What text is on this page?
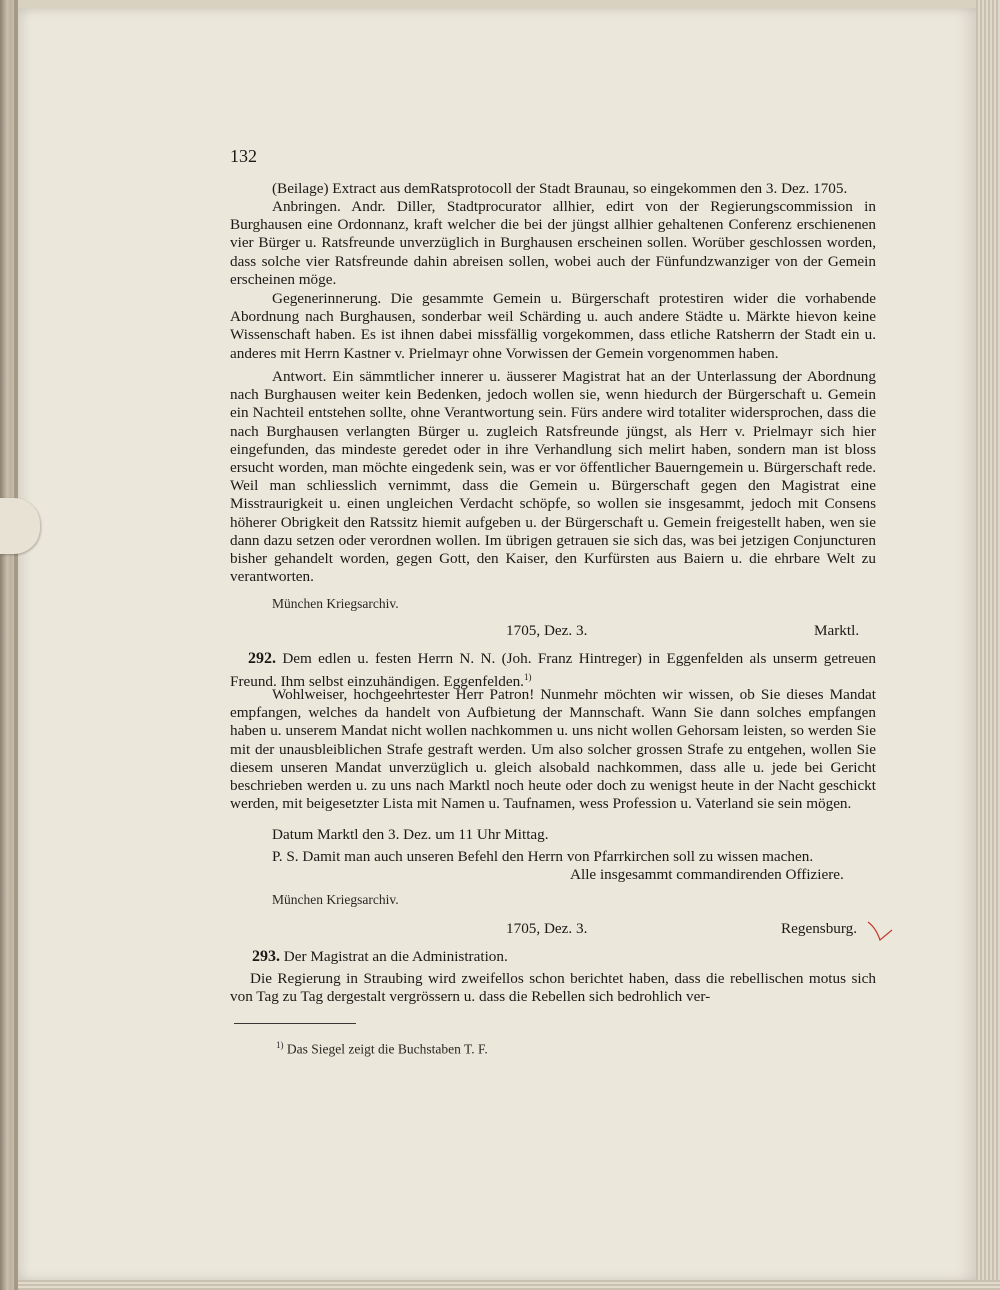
132

(Beilage) Extract aus demRatsprotocoll der Stadt Braunau, so eingekommen den 3. Dez. 1705.

Anbringen. Andr. Diller, Stadtprocurator allhier, edirt von der Regierungscommission in Burghausen eine Ordonnanz, kraft welcher die bei der jüngst allhier gehaltenen Conferenz erschienenen vier Bürger u. Ratsfreunde unverzüglich in Burghausen erscheinen sollen. Worüber geschlossen worden, dass solche vier Ratsfreunde dahin abreisen sollen, wobei auch der Fünfundzwanziger von der Gemein erscheinen möge.

Gegenerinnerung. Die gesammte Gemein u. Bürgerschaft protestiren wider die vorhabende Abordnung nach Burghausen, sonderbar weil Schärding u. auch andere Städte u. Märkte hievon keine Wissenschaft haben. Es ist ihnen dabei missfällig vorgekommen, dass etliche Ratsherrn der Stadt ein u. anderes mit Herrn Kastner v. Prielmayr ohne Vorwissen der Gemein vorgenommen haben.

Antwort. Ein sämmtlicher innerer u. äusserer Magistrat hat an der Unterlassung der Abordnung nach Burghausen weiter kein Bedenken, jedoch wollen sie, wenn hiedurch der Bürgerschaft u. Gemein ein Nachteil entstehen sollte, ohne Verantwortung sein. Fürs andere wird totaliter widersprochen, dass die nach Burghausen verlangten Bürger u. zugleich Ratsfreunde jüngst, als Herr v. Prielmayr sich hier eingefunden, das mindeste geredet oder in ihre Verhandlung sich melirt haben, sondern man ist bloss ersucht worden, man möchte eingedenk sein, was er vor öffentlicher Bauerngemein u. Bürgerschaft rede. Weil man schliesslich vernimmt, dass die Gemein u. Bürgerschaft gegen den Magistrat eine Misstraurigkeit u. einen ungleichen Verdacht schöpfe, so wollen sie insgesammt, jedoch mit Consens höherer Obrigkeit den Ratssitz hiemit aufgeben u. der Bürgerschaft u. Gemein freigestellt haben, wen sie dann dazu setzen oder verordnen wollen. Im übrigen getrauen sie sich das, was bei jetzigen Conjuncturen bisher gehandelt worden, gegen Gott, den Kaiser, den Kurfürsten aus Baiern u. die ehrbare Welt zu verantworten.

München Kriegsarchiv.
1705, Dez. 3.	Marktl.

292. Dem edlen u. festen Herrn N. N. (Joh. Franz Hintreger) in Eggenfelden als unserm getreuen Freund. Ihm selbst einzuhändigen. Eggenfelden.$^{1)}$

Wohlweiser, hochgeehrtester Herr Patron! Nunmehr möchten wir wissen, ob Sie dieses Mandat empfangen, welches da handelt von Aufbietung der Mannschaft. Wann Sie dann solches empfangen haben u. unserem Mandat nicht wollen nachkommen u. uns nicht wollen Gehorsam leisten, so werden Sie mit der unausbleiblichen Strafe gestraft werden. Um also solcher grossen Strafe zu entgehen, wollen Sie diesem unseren Mandat unverzüglich u. gleich alsobald nachkommen, dass alle u. jede bei Gericht beschrieben werden u. zu uns nach Marktl noch heute oder doch zu wenigst heute in der Nacht geschickt werden, mit beigesetzter Lista mit Namen u. Taufnamen, wess Profession u. Vaterland sie sein mögen.

Datum Marktl den 3. Dez. um 11 Uhr Mittag.

P. S. Damit man auch unseren Befehl den Herrn von Pfarrkirchen soll zu wissen machen.

Alle insgesammt commandirenden Offiziere.
München Kriegsarchiv.
1705, Dez. 3.	Regensburg.

293. Der Magistrat an die Administration.

Die Regierung in Straubing wird zweifellos schon berichtet haben, dass die rebellischen motus sich von Tag zu Tag dergestalt vergrössern u. dass die Rebellen sich bedrohlich ver-

$^{1)}$ Das Siegel zeigt die Buchstaben T. F.
